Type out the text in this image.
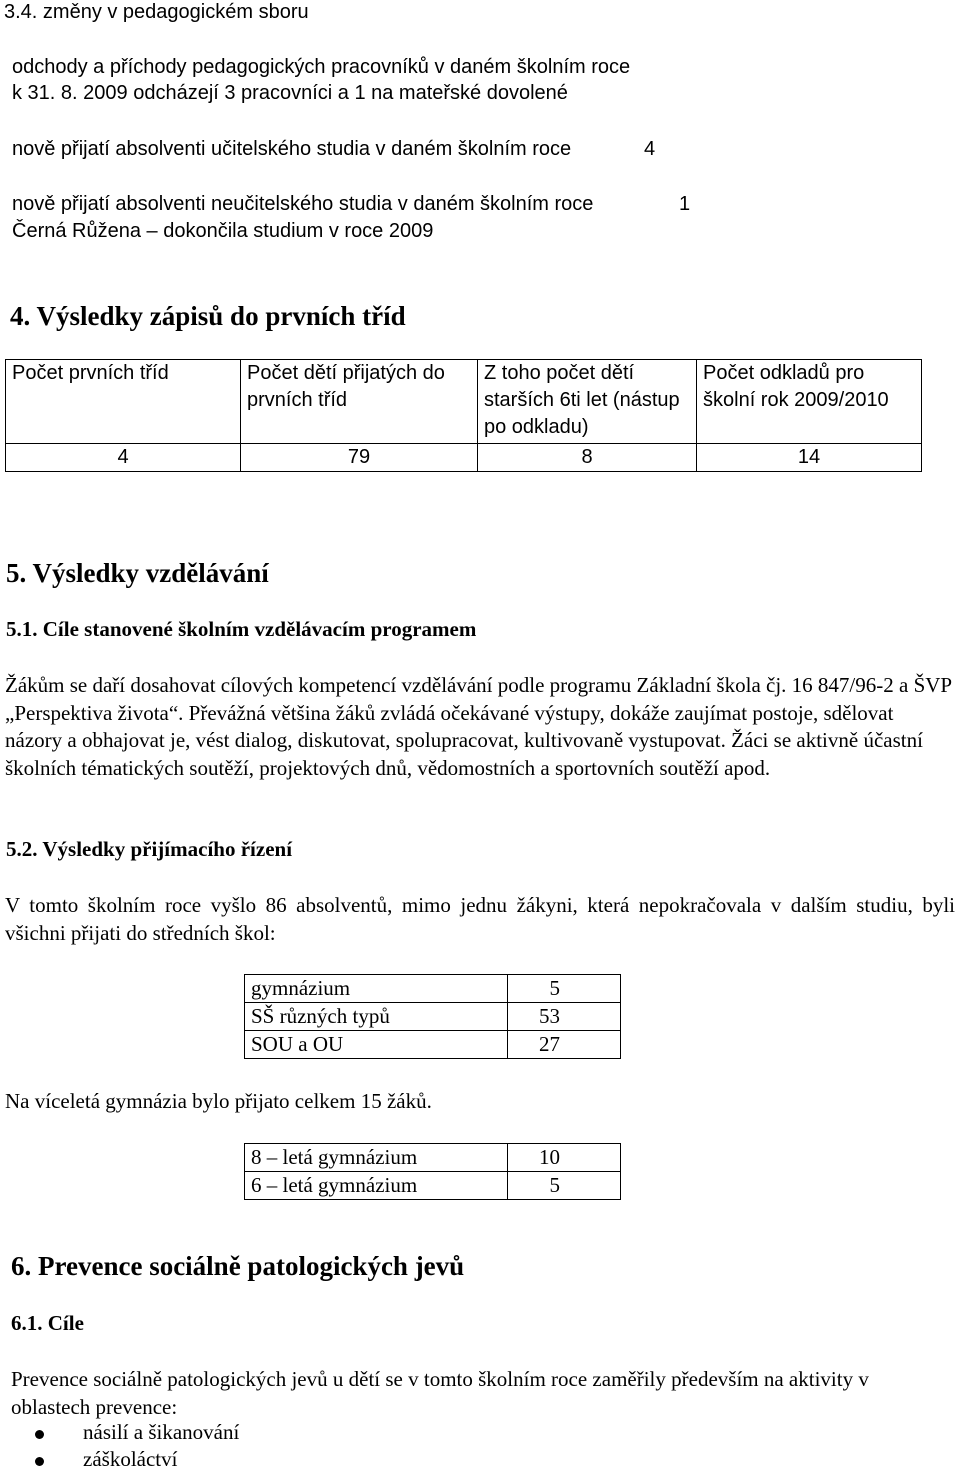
3.4. změny v pedagogickém sboru
odchody a příchody pedagogických pracovníků v daném školním roce
k 31. 8. 2009 odcházejí 3 pracovníci a 1 na mateřské dovolené
nově přijatí absolventi učitelského studia v daném školním roce	4
nově přijatí absolventi neučitelského studia v daném školním roce	1
Černá Růžena – dokončila studium v roce 2009
4. Výsledky zápisů do prvních tříd
Počet prvních tříd	Počet dětí přijatých do prvních tříd	Z toho počet dětí starších 6ti let (nástup po odkladu)	Počet odkladů pro školní rok 2009/2010
4	79	8	14
5. Výsledky vzdělávání
5.1. Cíle stanovené školním vzdělávacím programem
Žákům se daří dosahovat cílových kompetencí vzdělávání podle programu Základní škola čj. 16 847/96-2 a ŠVP „Perspektiva života“. Převážná většina žáků zvládá očekávané výstupy, dokáže zaujímat postoje, sdělovat názory a obhajovat je, vést dialog, diskutovat, spolupracovat, kultivovaně vystupovat. Žáci se aktivně účastní školních tématických soutěží, projektových dnů, vědomostních a sportovních soutěží apod.
5.2. Výsledky přijímacího řízení
V tomto školním roce vyšlo 86 absolventů, mimo jednu žákyni, která nepokračovala v dalším studiu, byli všichni přijati do středních škol:
gymnázium	5
SŠ různých typů	53
SOU a OU	27
Na víceletá gymnázia bylo přijato celkem 15 žáků.
8 – letá gymnázium	10
6 – letá gymnázium	5
6. Prevence sociálně patologických jevů
6.1. Cíle
Prevence sociálně patologických jevů u dětí se v tomto školním roce zaměřily především na aktivity v oblastech prevence:
násilí a šikanování
záškoláctví
